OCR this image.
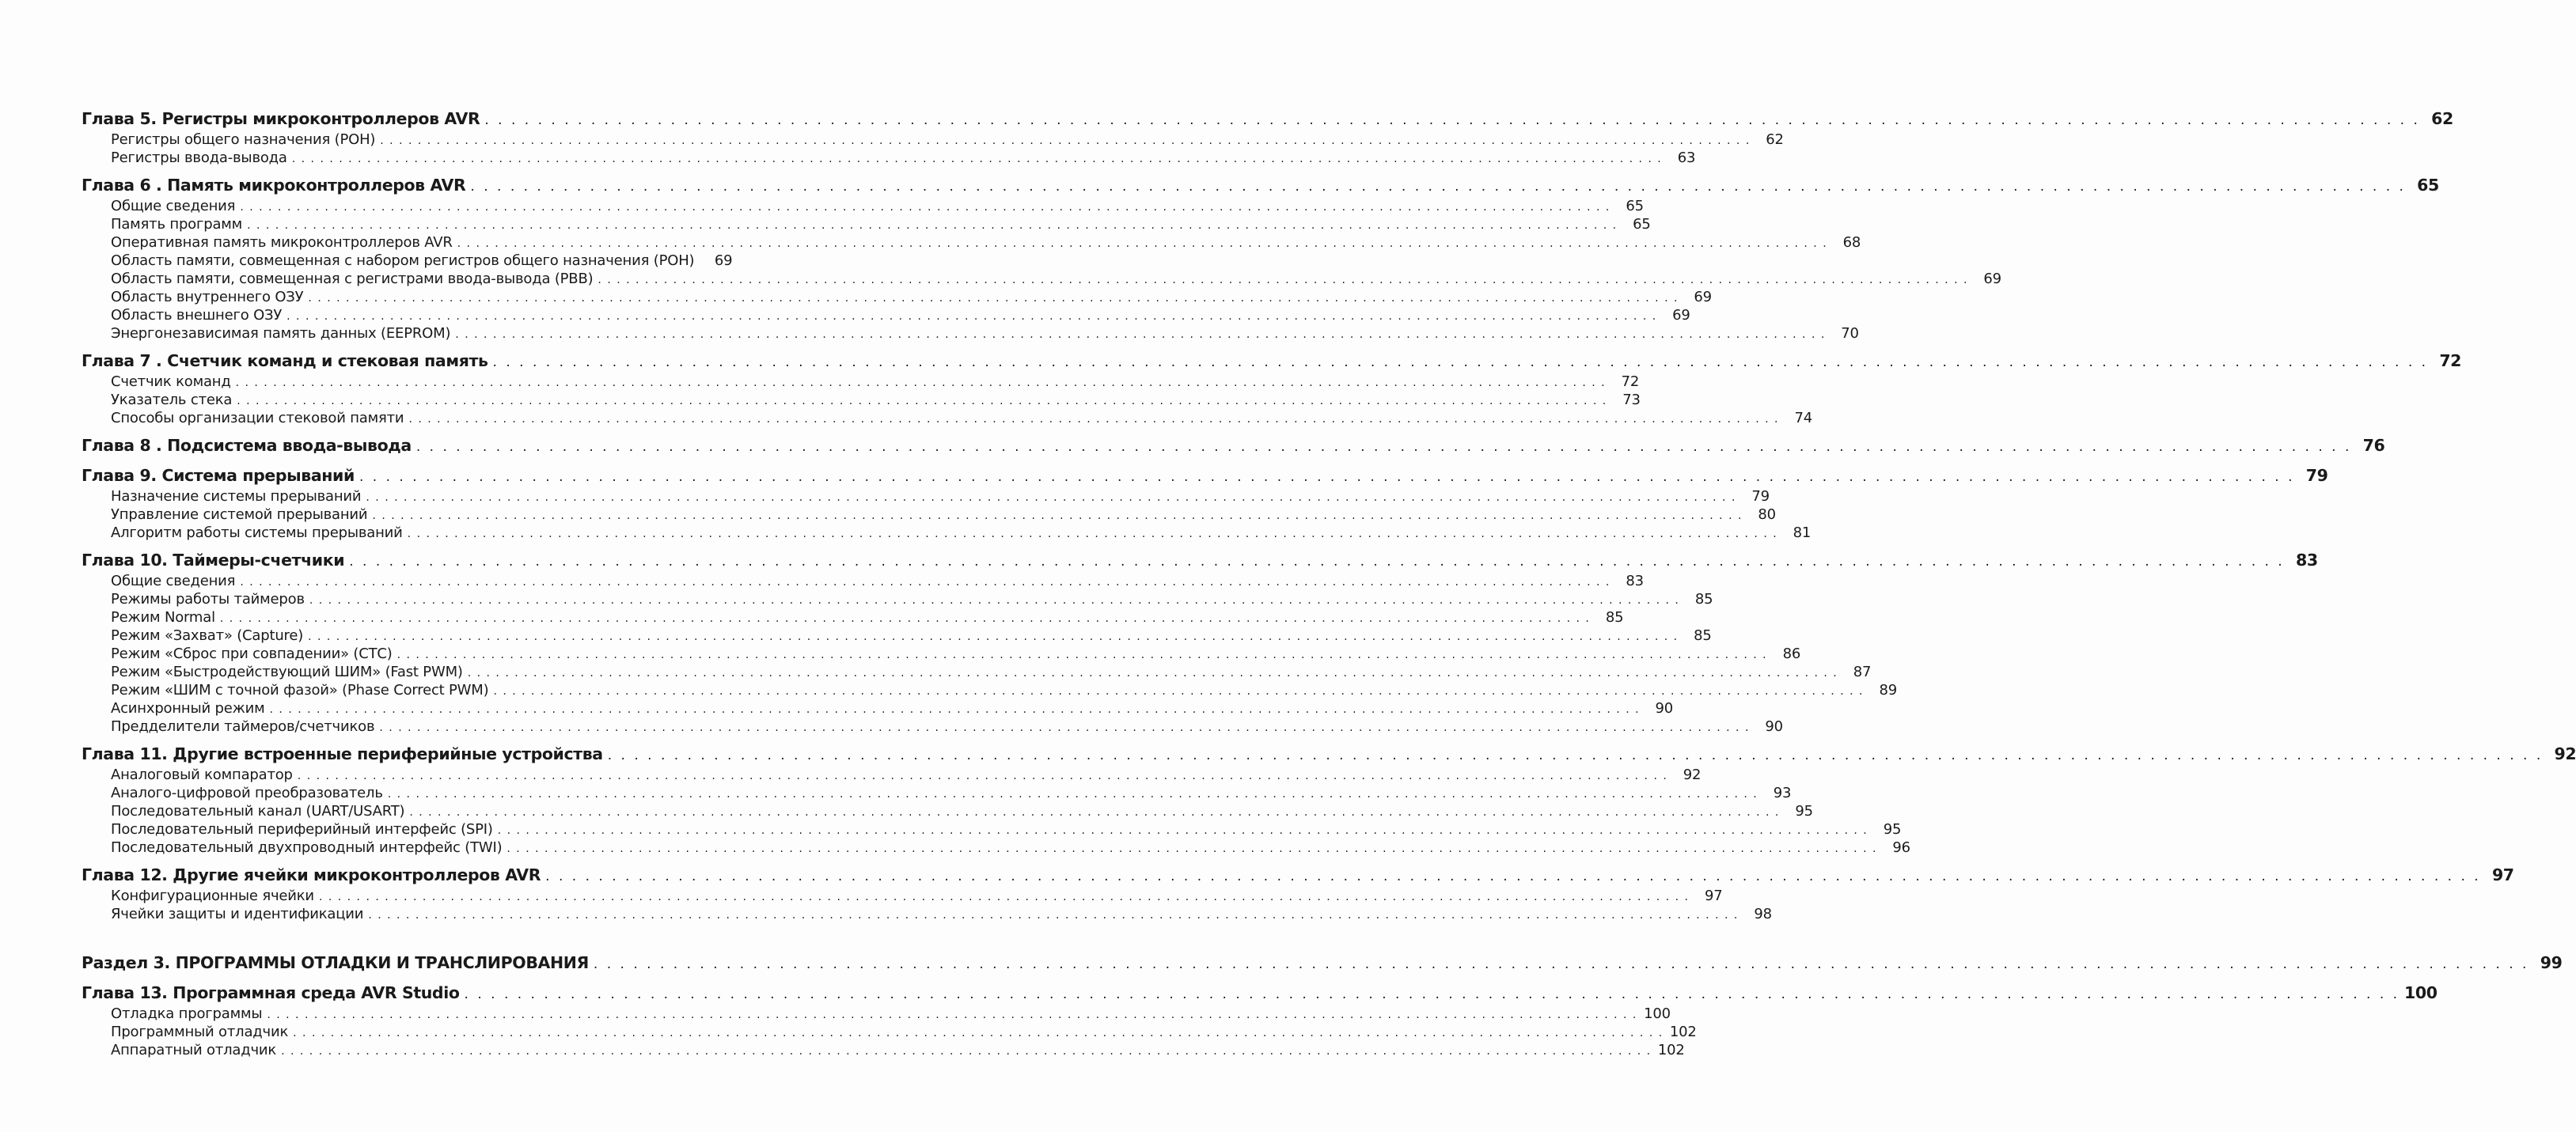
Глава 5. Регистры микроконтроллеров AVR . . .	62
Регистры общего назначения (РОН) . . .	62
Регистры ввода-вывода . . .	63
Глава 6 . Память микроконтроллеров AVR . . .	65
Общие сведения . . .	65
Память программ . . .	65
Оперативная память микроконтроллеров AVR . . .	68
Область памяти, совмещенная с набором регистров общего назначения (РОН)	69
Область памяти, совмещенная с регистрами ввода-вывода (РВВ) . . .	69
Область внутреннего ОЗУ . . .	69
Область внешнего ОЗУ . . .	69
Энергонезависимая память данных (EEPROM) . . .	70
Глава 7 . Счетчик команд и стековая память . . .	72
Счетчик команд . . .	72
Указатель стека . . .	73
Способы организации стековой памяти . . .	74
Глава 8 . Подсистема ввода-вывода . . .	76
Глава 9. Система прерываний . . .	79
Назначение системы прерываний . . .	79
Управление системой прерываний . . .	80
Алгоритм работы системы прерываний . . .	81
Глава 10. Таймеры-счетчики . . .	83
Общие сведения . . .	83
Режимы работы таймеров . . .	85
Режим Normal . . .	85
Режим «Захват» (Capture) . . .	85
Режим «Сброс при совпадении» (СТС) . . .	86
Режим «Быстродействующий ШИМ» (Fast PWM) . . .	87
Режим «ШИМ с точной фазой» (Phase Correct PWM) . . .	89
Асинхронный режим . . .	90
Предделители таймеров/счетчиков . . .	90
Глава 11. Другие встроенные периферийные устройства . . .	92
Аналоговый компаратор . . .	92
Аналого-цифровой преобразователь . . .	93
Последовательный канал (UART/USART) . . .	95
Последовательный периферийный интерфейс (SPI) . . .	95
Последовательный двухпроводный интерфейс (TWI) . . .	96
Глава 12. Другие ячейки микроконтроллеров AVR . . .	97
Конфигурационные ячейки . . .	97
Ячейки защиты и идентификации . . .	98
Раздел 3. ПРОГРАММЫ ОТЛАДКИ И ТРАНСЛИРОВАНИЯ . . .	99
Глава 13. Программная среда AVR Studio . . .	100
Отладка программы . . .	100
Программный отладчик . . .	102
Аппаратный отладчик . . .	102
